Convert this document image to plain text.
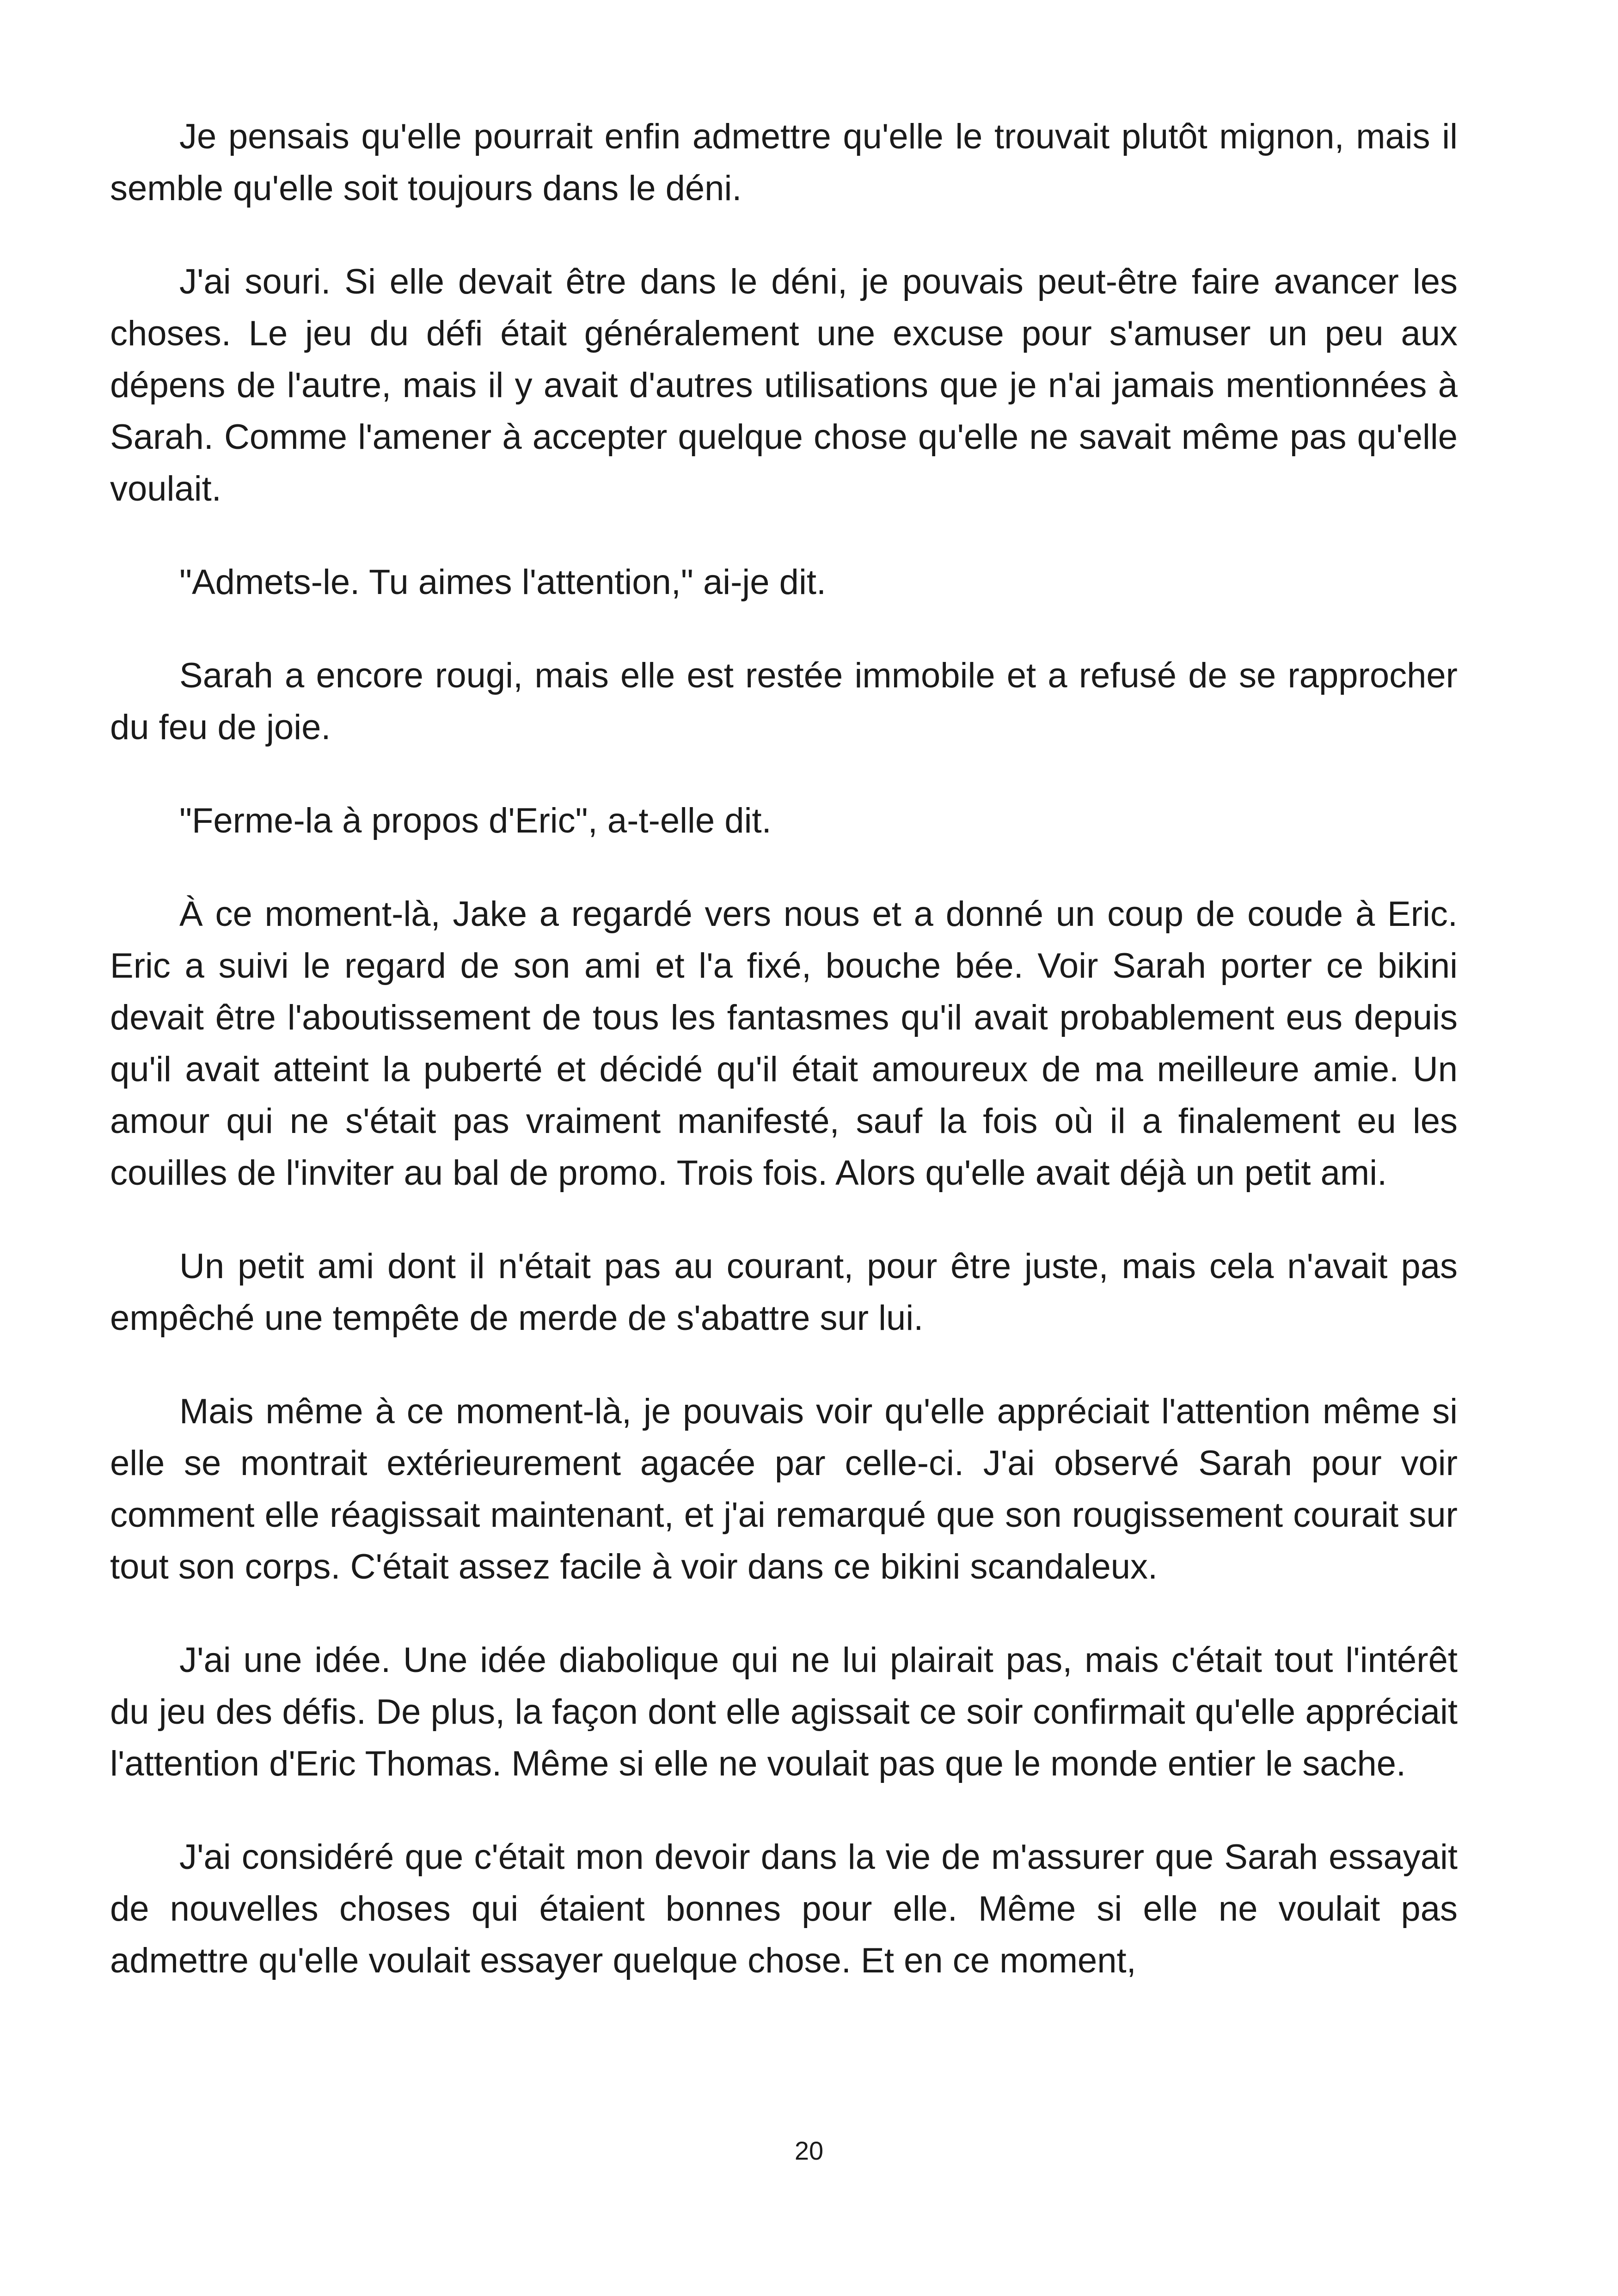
Je pensais qu'elle pourrait enfin admettre qu'elle le trouvait plutôt mignon, mais il semble qu'elle soit toujours dans le déni.

J'ai souri. Si elle devait être dans le déni, je pouvais peut-être faire avancer les choses. Le jeu du défi était généralement une excuse pour s'amuser un peu aux dépens de l'autre, mais il y avait d'autres utilisations que je n'ai jamais mentionnées à Sarah. Comme l'amener à accepter quelque chose qu'elle ne savait même pas qu'elle voulait.

"Admets-le. Tu aimes l'attention," ai-je dit.

Sarah a encore rougi, mais elle est restée immobile et a refusé de se rapprocher du feu de joie.

"Ferme-la à propos d'Eric", a-t-elle dit.

À ce moment-là, Jake a regardé vers nous et a donné un coup de coude à Eric. Eric a suivi le regard de son ami et l'a fixé, bouche bée. Voir Sarah porter ce bikini devait être l'aboutissement de tous les fantasmes qu'il avait probablement eus depuis qu'il avait atteint la puberté et décidé qu'il était amoureux de ma meilleure amie. Un amour qui ne s'était pas vraiment manifesté, sauf la fois où il a finalement eu les couilles de l'inviter au bal de promo. Trois fois. Alors qu'elle avait déjà un petit ami.

Un petit ami dont il n'était pas au courant, pour être juste, mais cela n'avait pas empêché une tempête de merde de s'abattre sur lui.

Mais même à ce moment-là, je pouvais voir qu'elle appréciait l'attention même si elle se montrait extérieurement agacée par celle-ci. J'ai observé Sarah pour voir comment elle réagissait maintenant, et j'ai remarqué que son rougissement courait sur tout son corps. C'était assez facile à voir dans ce bikini scandaleux.

J'ai une idée. Une idée diabolique qui ne lui plairait pas, mais c'était tout l'intérêt du jeu des défis. De plus, la façon dont elle agissait ce soir confirmait qu'elle appréciait l'attention d'Eric Thomas. Même si elle ne voulait pas que le monde entier le sache.

J'ai considéré que c'était mon devoir dans la vie de m'assurer que Sarah essayait de nouvelles choses qui étaient bonnes pour elle. Même si elle ne voulait pas admettre qu'elle voulait essayer quelque chose. Et en ce moment,

20
